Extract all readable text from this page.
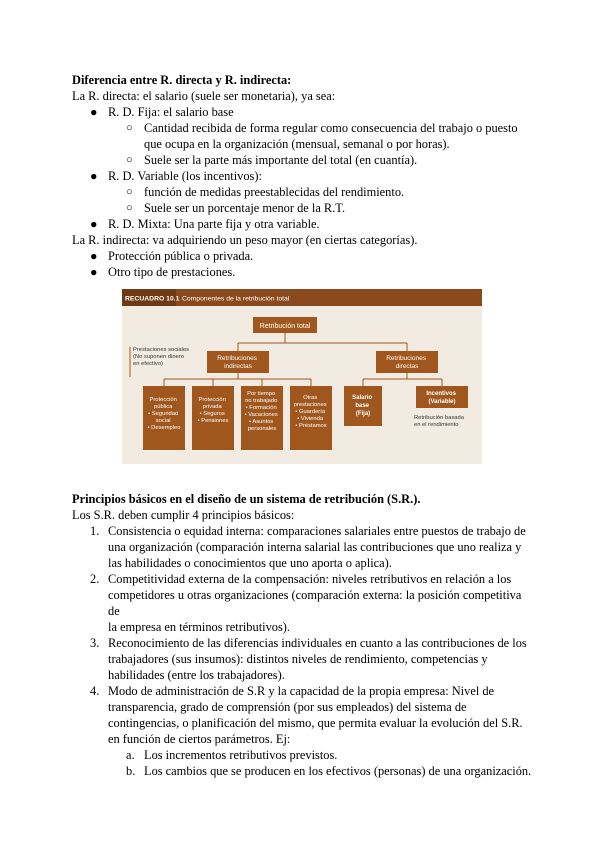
Diferencia entre R. directa y R. indirecta:

La R. directa: el salario (suele ser monetaria), ya sea:

● R. D. Fija: el salario base
○ Cantidad recibida de forma regular como consecuencia del trabajo o puesto que ocupa en la organización (mensual, semanal o por horas).
○ Suele ser la parte más importante del total (en cuantía).
● R. D. Variable (los incentivos):
○ función de medidas preestablecidas del rendimiento.
○ Suele ser un porcentaje menor de la R.T.
● R. D. Mixta: Una parte fija y otra variable.

La R. indirecta: va adquiriendo un peso mayor (en ciertas categorías).

● Protección pública o privada.
● Otro tipo de prestaciones.
RECUADRO 10.1 Componentes de la retribución total
Retribución total
Prestaciones sociales (No suponen dinero en efectivo)
Retribuciones indirectas
Retribuciones directas
Protección pública • Seguridad social • Desempleo
Protección privada • Seguros • Pensiones
Por tiempo no trabajado • Formación • Vacaciones • Asuntos personales
Otras prestaciones • Guardería • Vivienda • Préstamos
Salario base (Fija)
Incentivos (Variable)
Retribución basada en el rendimiento

Principios básicos en el diseño de un sistema de retribución (S.R.).

Los S.R. deben cumplir 4 principios básicos:

1. Consistencia o equidad interna: comparaciones salariales entre puestos de trabajo de
una organización (comparación interna salarial las contribuciones que uno realiza y
las habilidades o conocimientos que uno aporta o aplica).
2. Competitividad externa de la compensación: niveles retributivos en relación a los
competidores u otras organizaciones (comparación externa: la posición competitiva de
la empresa en términos retributivos).
3. Reconocimiento de las diferencias individuales en cuanto a las contribuciones de los
trabajadores (sus insumos): distintos niveles de rendimiento, competencias y
habilidades (entre los trabajadores).
4. Modo de administración de S.R y la capacidad de la propia empresa: Nivel de
transparencia, grado de comprensión (por sus empleados) del sistema de
contingencias, o planificación del mismo, que permita evaluar la evolución del S.R.
en función de ciertos parámetros. Ej:
a. Los incrementos retributivos previstos.
b. Los cambios que se producen en los efectivos (personas) de una organización.
